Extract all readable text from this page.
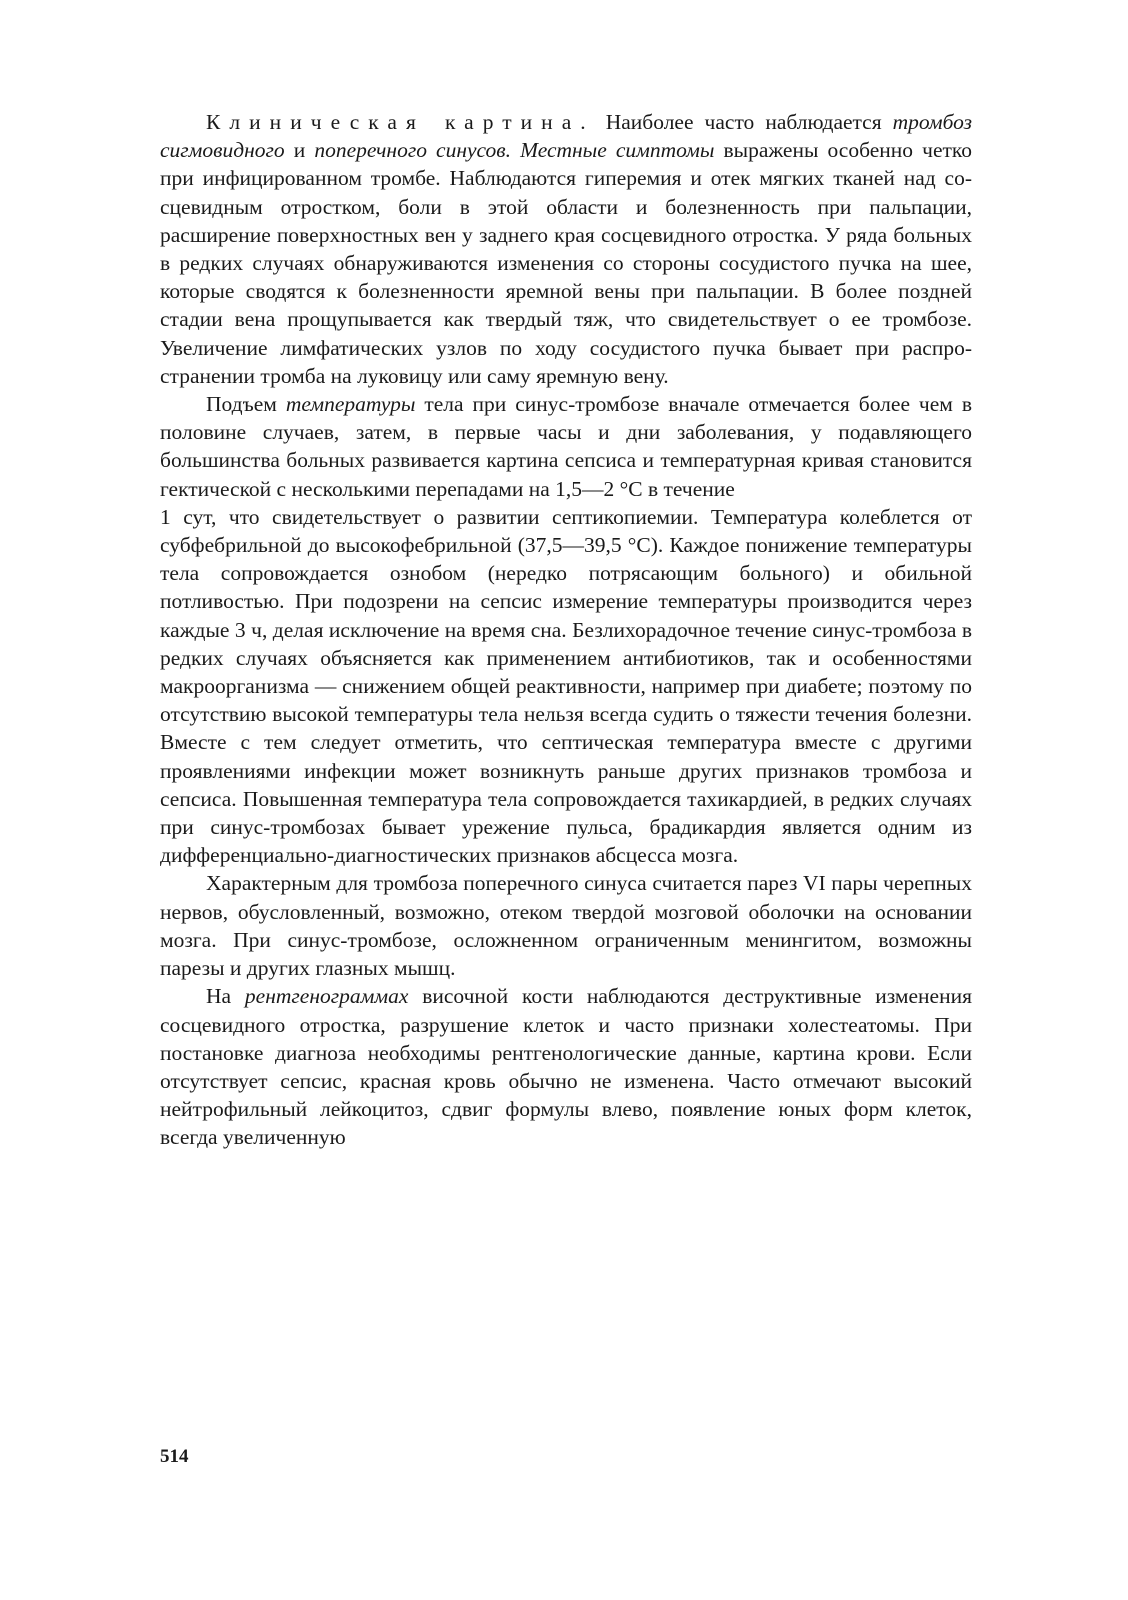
Клиническая картина. Наиболее часто наблюдается тромбоз сигмовидного и поперечного синусов. Местные симптомы выражены особенно четко при инфицированном тромбе. Наблюдаются гиперемия и отек мягких тканей над сосцевидным отростком, боли в этой области и болезненность при пальпации, расширение поверхностных вен у заднего края сосцевидного отростка. У ряда больных в редких случаях обнаруживаются изменения со стороны сосудистого пучка на шее, которые сводятся к болезненности яремной вены при пальпации. В более поздней стадии вена прощупывается как твердый тяж, что свидетельствует о ее тромбозе. Увеличение лимфатических узлов по ходу сосудистого пучка бывает при распространении тромба на луковицу или саму яремную вену.

Подъем температуры тела при синус-тромбозе вначале отмечается более чем в половине случаев, затем, в первые часы и дни заболевания, у подавляющего большинства больных развивается картина сепсиса и температурная кривая становится гектической с несколькими перепадами на 1,5—2 °С в течение

1 сут, что свидетельствует о развитии септикопиемии. Температура колеблется от субфебрильной до высокофебрильной (37,5—39,5 °С). Каждое понижение температуры тела сопровождается ознобом (нередко потрясающим больного) и обильной потливостью. При подозрени на сепсис измерение температуры производится через каждые 3 ч, делая исключение на время сна. Безлихорадочное течение синус-тромбоза в редких случаях объясняется как применением антибиотиков, так и особенностями макроорганизма — снижением общей реактивности, например при диабете; поэтому по отсутствию высокой температуры тела нельзя всегда судить о тяжести течения болезни. Вместе с тем следует отметить, что септическая температура вместе с другими проявлениями инфекции может возникнуть раньше других признаков тромбоза и сепсиса. Повышенная температура тела сопровождается тахикардией, в редких случаях при синус-тромбозах бывает урежение пульса, брадикардия является одним из дифференциально-диагностических признаков абсцесса мозга.

Характерным для тромбоза поперечного синуса считается парез VI пары черепных нервов, обусловленный, возможно, отеком твердой мозговой оболочки на основании мозга. При синус-тромбозе, осложненном ограниченным менингитом, возможны парезы и других глазных мышц.

На рентгенограммах височной кости наблюдаются деструктивные изменения сосцевидного отростка, разрушение клеток и часто признаки холестеатомы. При постановке диагноза необходимы рентгенологические данные, картина крови. Если отсутствует сепсис, красная кровь обычно не изменена. Часто отмечают высокий нейтрофильный лейкоцитоз, сдвиг формулы влево, появление юных форм клеток, всегда увеличенную

514
